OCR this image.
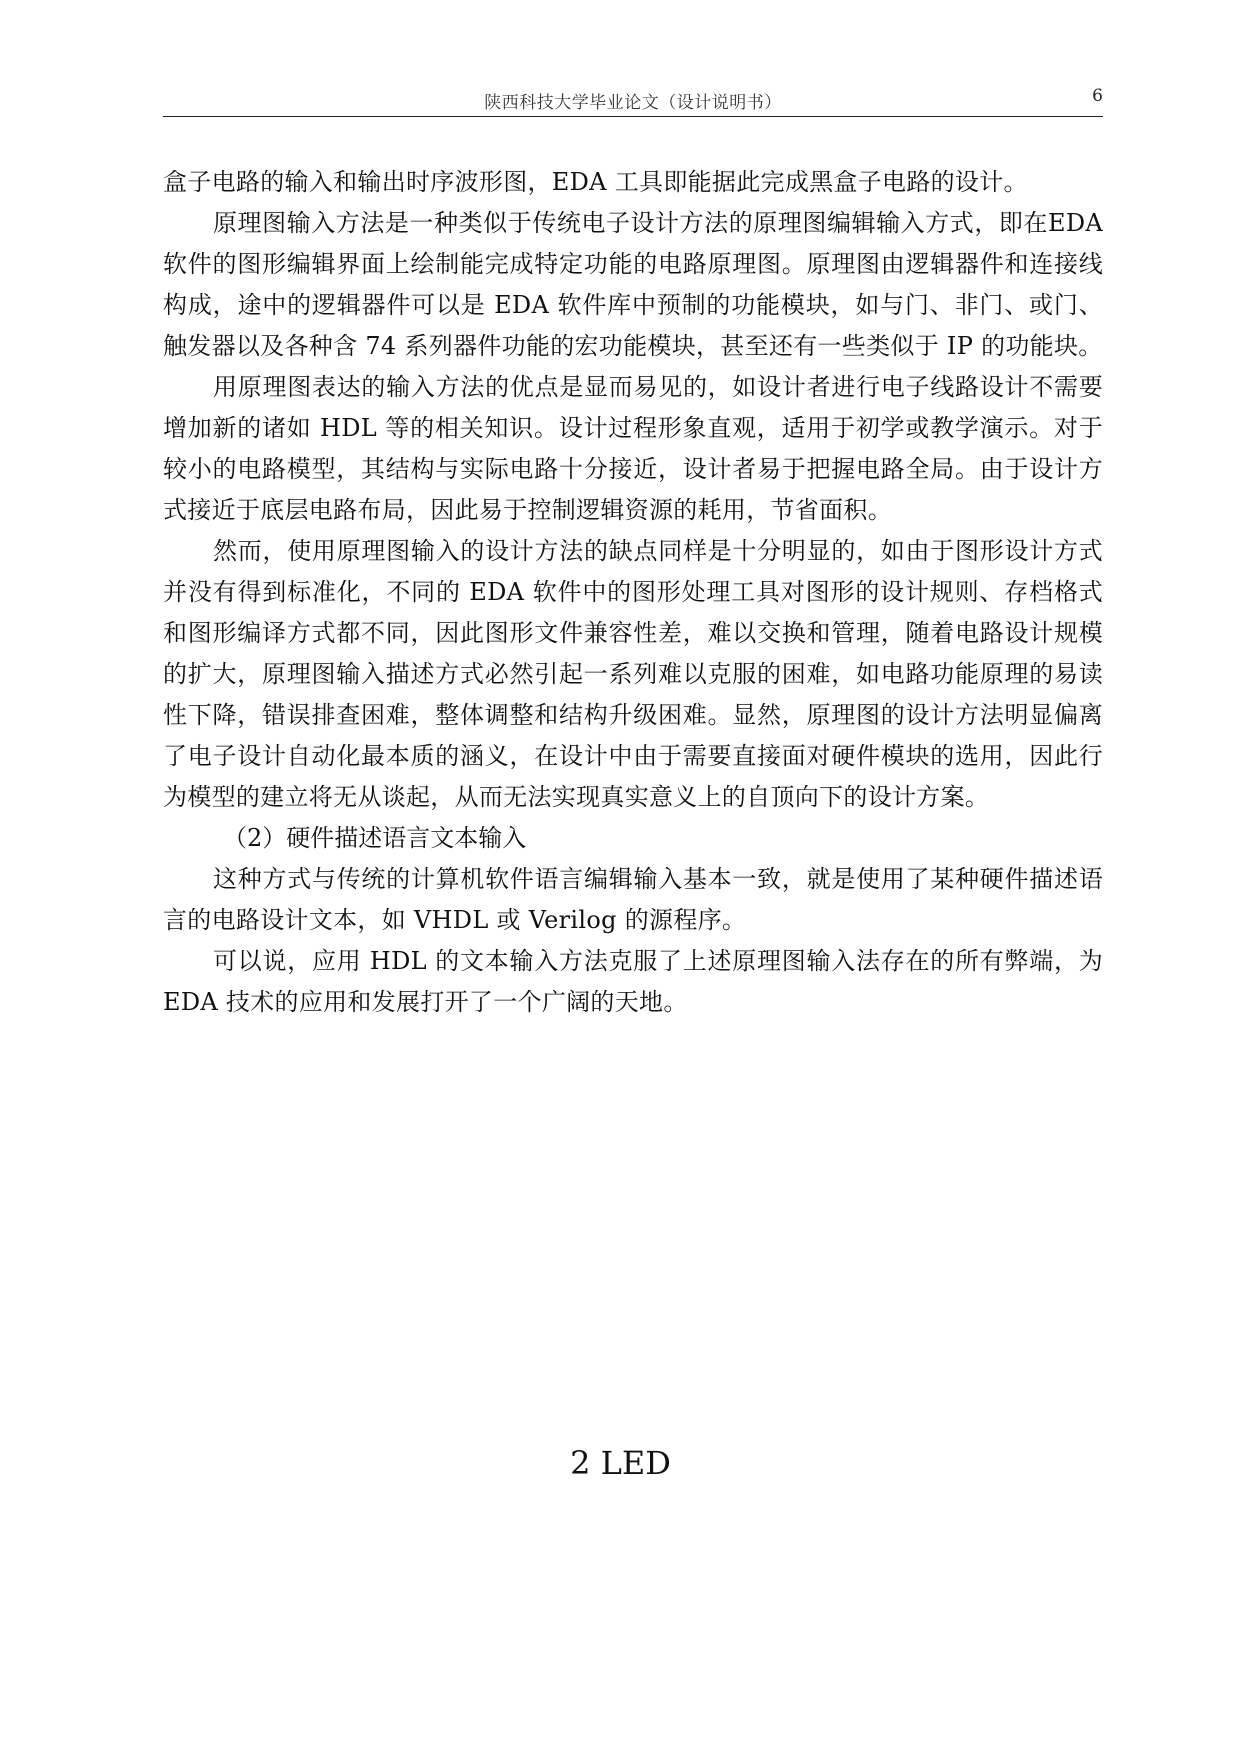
陕西科技大学毕业论文（设计说明书）	6

盒子电路的输入和输出时序波形图，EDA 工具即能据此完成黑盒子电路的设计。

原理图输入方法是一种类似于传统电子设计方法的原理图编辑输入方式，即在EDA 软件的图形编辑界面上绘制能完成特定功能的电路原理图。原理图由逻辑器件和连接线构成，途中的逻辑器件可以是 EDA 软件库中预制的功能模块，如与门、非门、或门、触发器以及各种含 74 系列器件功能的宏功能模块，甚至还有一些类似于 IP 的功能块。

用原理图表达的输入方法的优点是显而易见的，如设计者进行电子线路设计不需要增加新的诸如 HDL 等的相关知识。设计过程形象直观，适用于初学或教学演示。对于较小的电路模型，其结构与实际电路十分接近，设计者易于把握电路全局。由于设计方式接近于底层电路布局，因此易于控制逻辑资源的耗用，节省面积。

然而，使用原理图输入的设计方法的缺点同样是十分明显的，如由于图形设计方式并没有得到标准化，不同的 EDA 软件中的图形处理工具对图形的设计规则、存档格式和图形编译方式都不同，因此图形文件兼容性差，难以交换和管理，随着电路设计规模的扩大，原理图输入描述方式必然引起一系列难以克服的困难，如电路功能原理的易读性下降，错误排查困难，整体调整和结构升级困难。显然，原理图的设计方法明显偏离了电子设计自动化最本质的涵义，在设计中由于需要直接面对硬件模块的选用，因此行为模型的建立将无从谈起，从而无法实现真实意义上的自顶向下的设计方案。

（2）硬件描述语言文本输入

这种方式与传统的计算机软件语言编辑输入基本一致，就是使用了某种硬件描述语言的电路设计文本，如 VHDL 或 Verilog 的源程序。

可以说，应用 HDL 的文本输入方法克服了上述原理图输入法存在的所有弊端，为EDA 技术的应用和发展打开了一个广阔的天地。

2 LED
